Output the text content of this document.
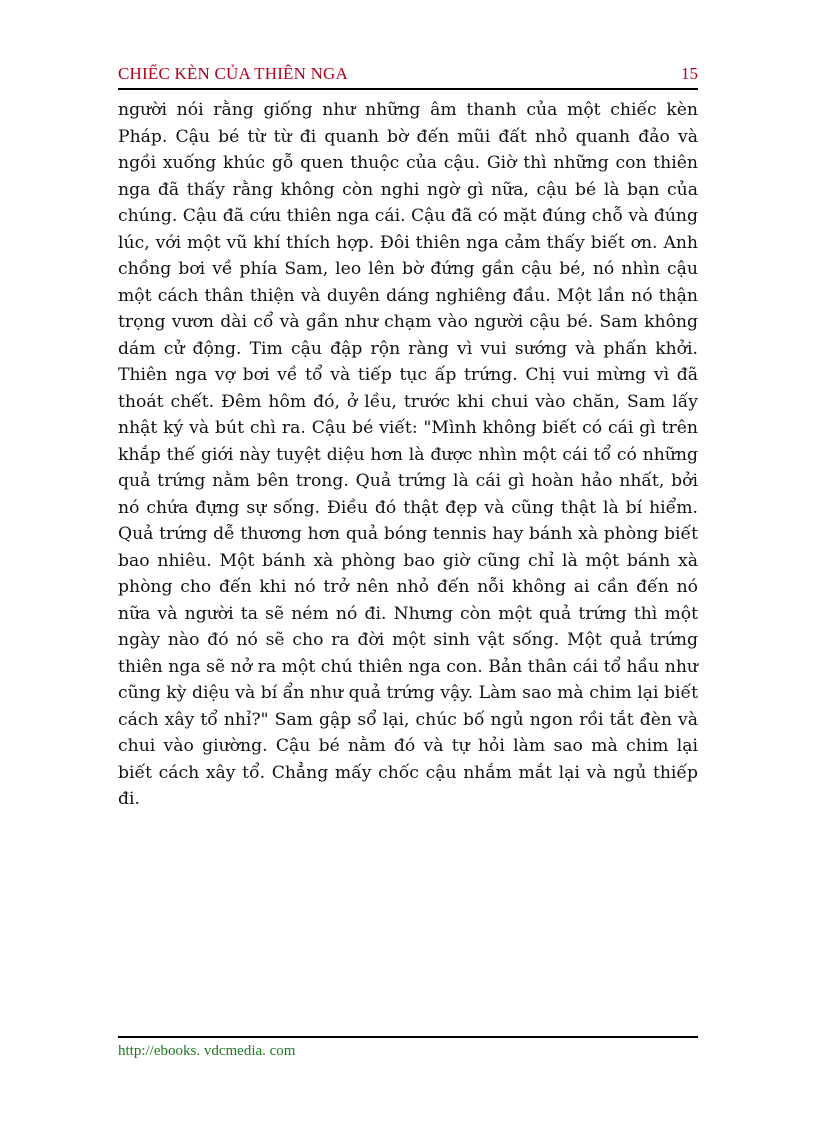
CHIẾC KÈN CỦA THIÊN NGA	15

người nói rằng giống như những âm thanh của một chiếc kèn Pháp. Cậu bé từ từ đi quanh bờ đến mũi đất nhỏ quanh đảo và ngồi xuống khúc gỗ quen thuộc của cậu. Giờ thì những con thiên nga đã thấy rằng không còn nghi ngờ gì nữa, cậu bé là bạn của chúng. Cậu đã cứu thiên nga cái. Cậu đã có mặt đúng chỗ và đúng lúc, với một vũ khí thích hợp. Đôi thiên nga cảm thấy biết ơn. Anh chồng bơi về phía Sam, leo lên bờ đứng gần cậu bé, nó nhìn cậu một cách thân thiện và duyên dáng nghiêng đầu. Một lần nó thận trọng vươn dài cổ và gần như chạm vào người cậu bé. Sam không dám cử động. Tim cậu đập rộn ràng vì vui sướng và phấn khởi. Thiên nga vợ bơi về tổ và tiếp tục ấp trứng. Chị vui mừng vì đã thoát chết. Đêm hôm đó, ở lều, trước khi chui vào chăn, Sam lấy nhật ký và bút chì ra. Cậu bé viết: "Mình không biết có cái gì trên khắp thế giới này tuyệt diệu hơn là được nhìn một cái tổ có những quả trứng nằm bên trong. Quả trứng là cái gì hoàn hảo nhất, bởi nó chứa đựng sự sống. Điều đó thật đẹp và cũng thật là bí hiểm. Quả trứng dễ thương hơn quả bóng tennis hay bánh xà phòng biết bao nhiêu. Một bánh xà phòng bao giờ cũng chỉ là một bánh xà phòng cho đến khi nó trở nên nhỏ đến nỗi không ai cần đến nó nữa và người ta sẽ ném nó đi. Nhưng còn một quả trứng thì một ngày nào đó nó sẽ cho ra đời một sinh vật sống. Một quả trứng thiên nga sẽ nở ra một chú thiên nga con. Bản thân cái tổ hầu như cũng kỳ diệu và bí ẩn như quả trứng vậy. Làm sao mà chim lại biết cách xây tổ nhỉ?" Sam gập sổ lại, chúc bố ngủ ngon rồi tắt đèn và chui vào giường. Cậu bé nằm đó và tự hỏi làm sao mà chim lại biết cách xây tổ. Chẳng mấy chốc cậu nhắm mắt lại và ngủ thiếp đi.

http://ebooks. vdcmedia. com
